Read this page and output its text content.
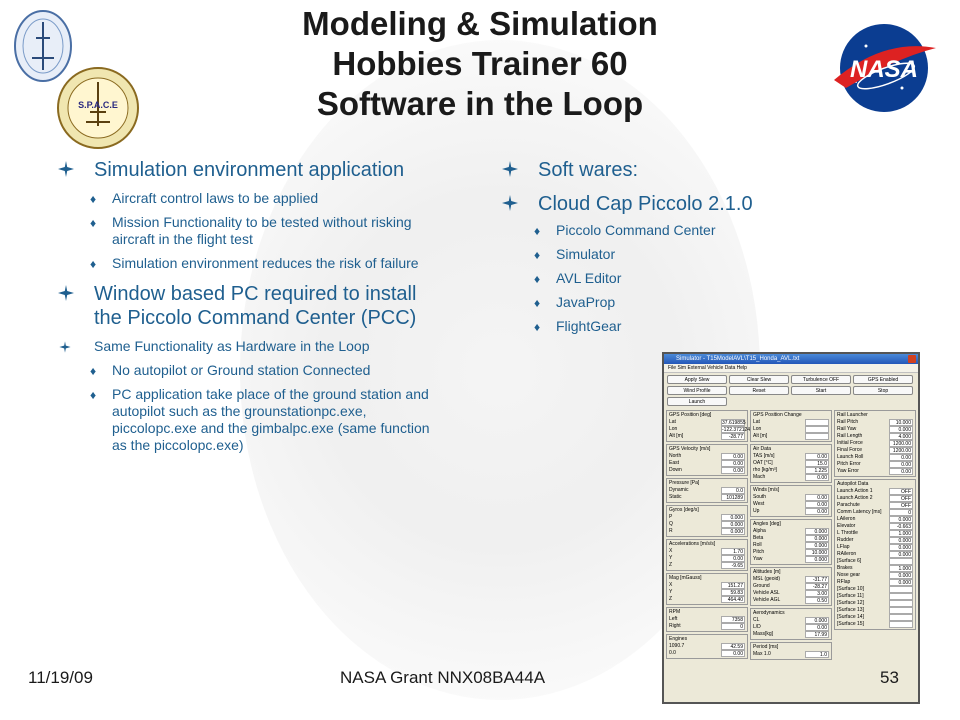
S.P.A.C.E
NASA
Modeling & Simulation
Hobbies Trainer 60
Software in the Loop
Simulation environment application
♦ Aircraft control laws to be applied
♦ Mission Functionality to be tested without risking aircraft in the flight test
♦ Simulation environment reduces the risk of failure
Window based PC required to install the Piccolo Command Center (PCC)
Same Functionality as Hardware in the Loop
♦ No autopilot or Ground station Connected
♦ PC application take place of the ground station and autopilot such as the grounstationpc.exe, piccolopc.exe and the gimbalpc.exe (same function as the piccolopc.exe)
Soft wares:
Cloud Cap Piccolo 2.1.0
♦ Piccolo Command Center
♦ Simulator
♦ AVL Editor
♦ JavaProp
♦ FlightGear
Simulator - T15ModelAVL\T15_Honda_AVL.txt
File Sim External Vehicle Data Help
Apply Slew	Clear Slew	Turbulence OFF	GPS Enabled
Wind Profile	Reset	Start	Stop
Launch
GPS Position [deg]
Lat	37.619855
Lon	-122.372124
Alt [m]	-28.77
GPS Velocity [m/s]
North	0.00
East	0.00
Down	0.00
Pressure [Pa]
Dynamic	0.0
Static	101289
Gyros [deg/s]
P	0.000
Q	0.000
R	0.000
Accelerations [m/s/s]
X	1.70
Y	0.00
Z	-9.65
Mag [mGauss]
X	151.27
Y	59.83
Z	464.40
RPM
Left	7358
Right	0
Engines
1090.7	42.59
0.0	0.00
GPS Position Change
Lat
Lon
Alt [m]
Air Data
TAS [m/s]	0.00
OAT [°C]	15.0
rho [kg/m³]	1.225
Mach	0.00
Winds [m/s]
South	0.00
West	0.00
Up	0.00
Angles [deg]
Alpha	0.000
Beta	0.000
Roll	0.000
Pitch	10.000
Yaw	0.000
Altitudes [m]
MSL (geoid)	-31.77
Ground	-28.27
Vehicle ASL	3.00
Vehicle AGL	0.50
Aerodynamics
CL	0.000
L/D	0.00
Mass[kg]	17.99
Period [ms]
Max 1.0	1.0
Rail Launcher
Rail Pitch	10.000
Rail Yaw	0.000
Rail Length	4.000
Initial Force	1200.00
Final Force	1200.00
Launch Roll	0.00
Pitch Error	0.00
Yaw Error	0.00
Autopilot Data
Launch Action 1	OFF
Launch Action 2	OFF
Parachute	OFF
Comm Latency [ms]	0
LAileron	0.000
Elevator	-0.663
L Throttle	1.000
Rudder	0.000
LFlap	0.000
RAileron	0.000
[Surface 6]
Brakes	1.000
Nose gear	0.000
RFlap	0.000
[Surface 10]
[Surface 11]
[Surface 12]
[Surface 13]
[Surface 14]
[Surface 15]
11/19/09	NASA Grant NNX08BA44A	53
